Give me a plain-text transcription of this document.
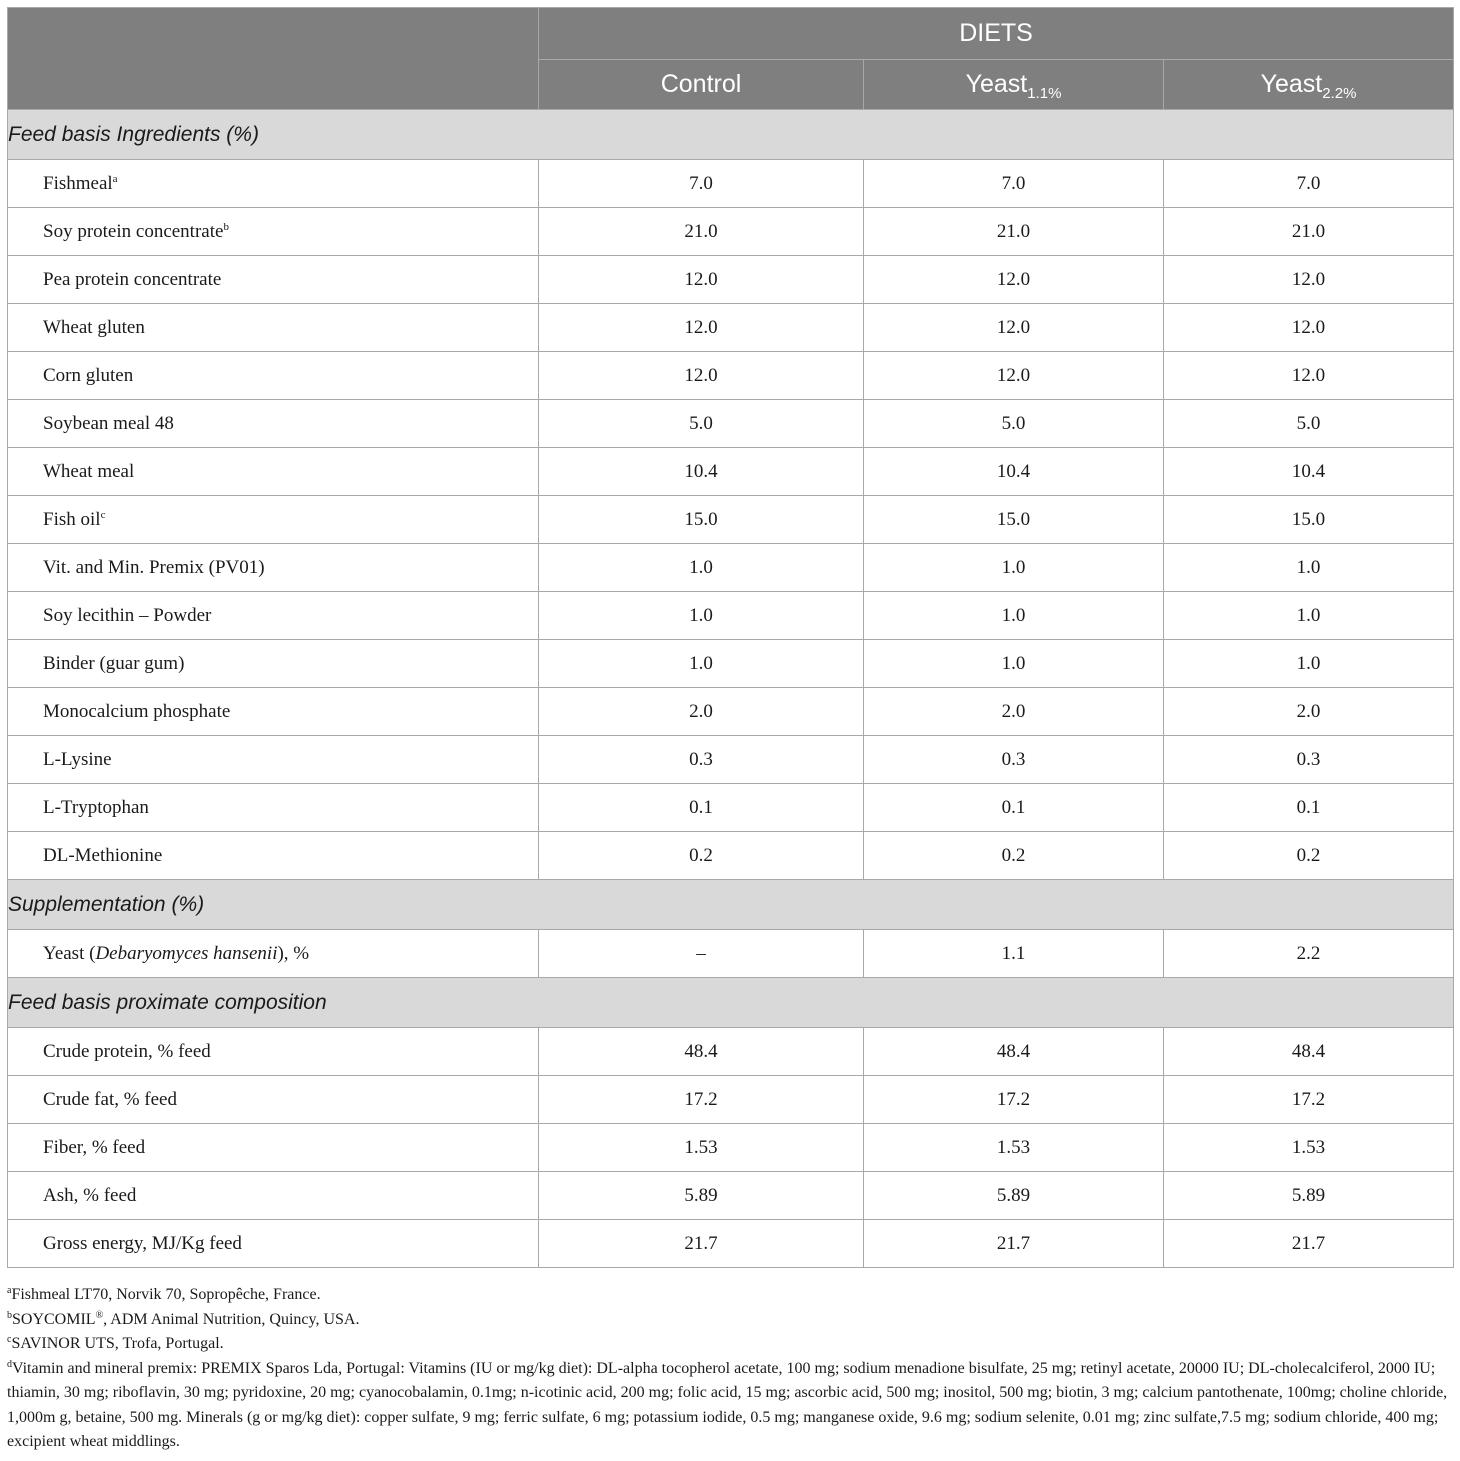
	DIETS		
	Control	Yeast$_{1.1\%}$	Yeast$_{2.2\%}$
Feed basis Ingredients (%)			
Fishmeal$^a$	7.0	7.0	7.0
Soy protein concentrate$^b$	21.0	21.0	21.0
Pea protein concentrate	12.0	12.0	12.0
Wheat gluten	12.0	12.0	12.0
Corn gluten	12.0	12.0	12.0
Soybean meal 48	5.0	5.0	5.0
Wheat meal	10.4	10.4	10.4
Fish oil$^c$	15.0	15.0	15.0
Vit. and Min. Premix (PV01)	1.0	1.0	1.0
Soy lecithin – Powder	1.0	1.0	1.0
Binder (guar gum)	1.0	1.0	1.0
Monocalcium phosphate	2.0	2.0	2.0
L-Lysine	0.3	0.3	0.3
L-Tryptophan	0.1	0.1	0.1
DL-Methionine	0.2	0.2	0.2
Supplementation (%)			
Yeast (Debaryomyces hansenii), %	–	1.1	2.2
Feed basis proximate composition			
Crude protein, % feed	48.4	48.4	48.4
Crude fat, % feed	17.2	17.2	17.2
Fiber, % feed	1.53	1.53	1.53
Ash, % feed	5.89	5.89	5.89
Gross energy, MJ/Kg feed	21.7	21.7	21.7

$^a$Fishmeal LT70, Norvik 70, Sopropêche, France.

$^b$SOYCOMIL®, ADM Animal Nutrition, Quincy, USA.

$^c$SAVINOR UTS, Trofa, Portugal.

$^d$Vitamin and mineral premix: PREMIX Sparos Lda, Portugal: Vitamins (IU or mg/kg diet): DL-alpha tocopherol acetate, 100 mg; sodium menadione bisulfate, 25 mg; retinyl acetate, 20000 IU; DL-cholecalciferol, 2000 IU; thiamin, 30 mg; riboflavin, 30 mg; pyridoxine, 20 mg; cyanocobalamin, 0.1mg; n-icotinic acid, 200 mg; folic acid, 15 mg; ascorbic acid, 500 mg; inositol, 500 mg; biotin, 3 mg; calcium pantothenate, 100mg; choline chloride, 1,000m g, betaine, 500 mg. Minerals (g or mg/kg diet): copper sulfate, 9 mg; ferric sulfate, 6 mg; potassium iodide, 0.5 mg; manganese oxide, 9.6 mg; sodium selenite, 0.01 mg; zinc sulfate,7.5 mg; sodium chloride, 400 mg; excipient wheat middlings.
